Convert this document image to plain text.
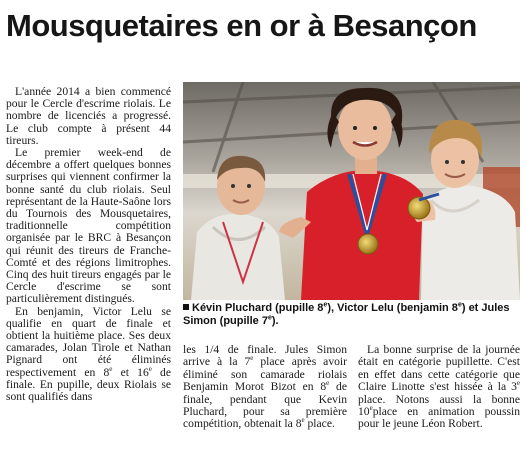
Mousquetaires en or à Besançon

L'année 2014 a bien commencé pour le Cercle d'escrime riolais. Le nombre de licenciés a progressé. Le club compte à présent 44 tireurs.

Le premier week-end de décembre a offert quelques bonnes surprises qui viennent confirmer la bonne santé du club riolais. Seul représentant de la Haute-Saône lors du Tournois des Mousquetaires, traditionnelle compétition organisée par le BRC à Besançon qui réunit des tireurs de Franche-Comté et des régions limitrophes. Cinq des huit tireurs engagés par le Cercle d'escrime se sont particulièrement distingués.

En benjamin, Victor Lelu se qualifie en quart de finale et obtient la huitième place. Ses deux camarades, Jolan Tirole et Nathan Pignard ont été éliminés respectivement en 8e et 16e de finale. En pupille, deux Riolais se sont qualifiés dans

Kévin Pluchard (pupille 8e), Victor Lelu (benjamin 8e) et Jules Simon (pupille 7e).

les 1/4 de finale. Jules Simon arrive à la 7e place après avoir éliminé son camarade riolais Benjamin Morot Bizot en 8e de finale, pendant que Kevin Pluchard, pour sa première compétition, obtenait la 8e place.

La bonne surprise de la journée était en catégorie pupillette. C'est en effet dans cette catégorie que Claire Linotte s'est hissée à la 3e place. Notons aussi la bonne 10eplace en animation poussin pour le jeune Léon Robert.
